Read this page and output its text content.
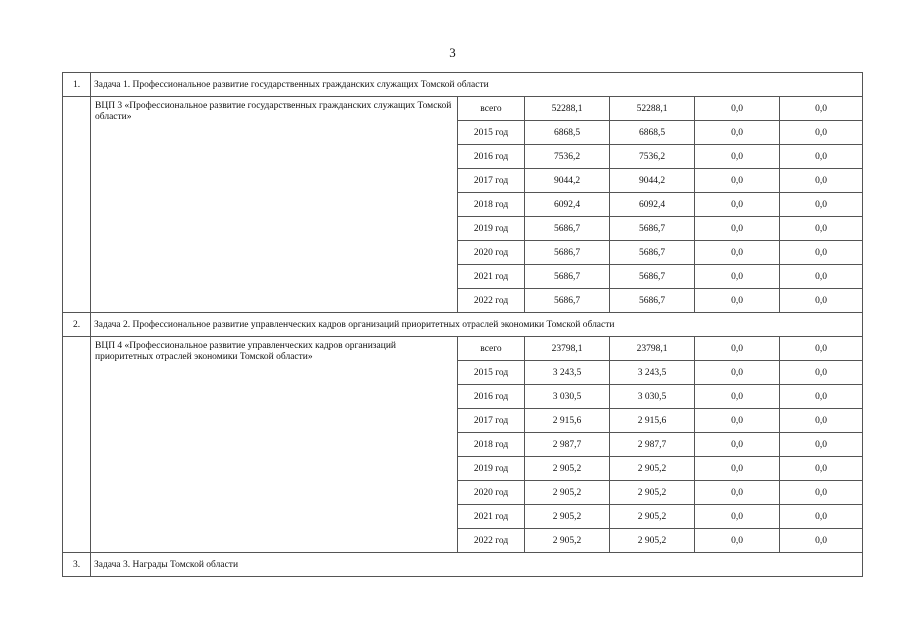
3
1.	Задача 1. Профессиональное развитие государственных гражданских служащих Томской области					
	ВЦП 3 «Профессиональное развитие государственных гражданских служащих Томской области»	всего	52288,1	52288,1	0,0	0,0
		2015 год	6868,5	6868,5	0,0	0,0
		2016 год	7536,2	7536,2	0,0	0,0
		2017 год	9044,2	9044,2	0,0	0,0
		2018 год	6092,4	6092,4	0,0	0,0
		2019 год	5686,7	5686,7	0,0	0,0
		2020 год	5686,7	5686,7	0,0	0,0
		2021 год	5686,7	5686,7	0,0	0,0
		2022 год	5686,7	5686,7	0,0	0,0
2.	Задача 2. Профессиональное развитие управленческих кадров организаций приоритетных отраслей экономики Томской области					
	ВЦП 4 «Профессиональное развитие управленческих кадров организаций приоритетных отраслей экономики Томской области»	всего	23798,1	23798,1	0,0	0,0
		2015 год	3 243,5	3 243,5	0,0	0,0
		2016 год	3 030,5	3 030,5	0,0	0,0
		2017 год	2 915,6	2 915,6	0,0	0,0
		2018 год	2 987,7	2 987,7	0,0	0,0
		2019 год	2 905,2	2 905,2	0,0	0,0
		2020 год	2 905,2	2 905,2	0,0	0,0
		2021 год	2 905,2	2 905,2	0,0	0,0
		2022 год	2 905,2	2 905,2	0,0	0,0
3.	Задача 3. Награды Томской области					
